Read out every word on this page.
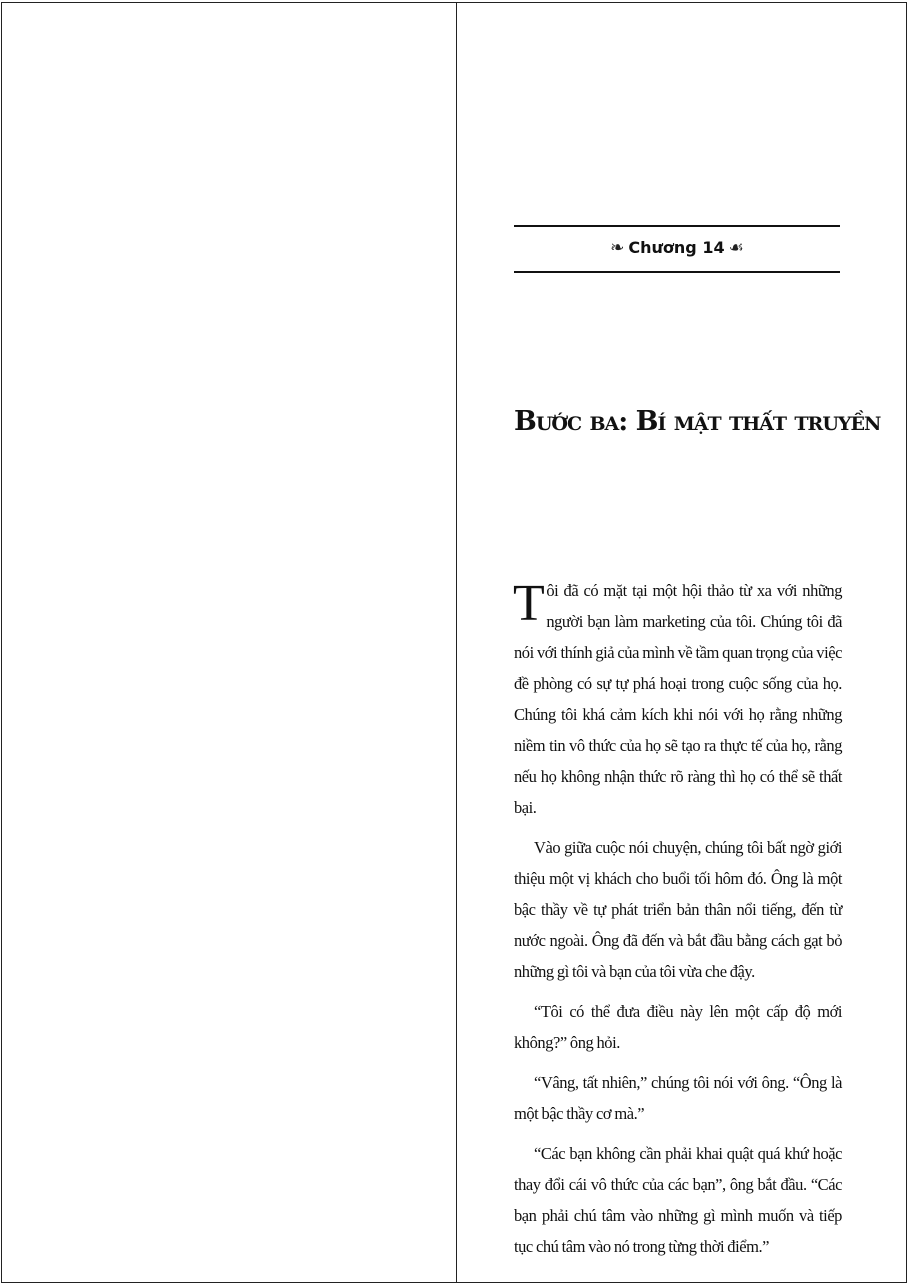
❧ Chương 14 ☙
Bước ba: Bí mật thất truyền

Tôi đã có mặt tại một hội thảo từ xa với những người bạn làm marketing của tôi. Chúng tôi đã nói với thính giả của mình về tầm quan trọng của việc đề phòng có sự tự phá hoại trong cuộc sống của họ. Chúng tôi khá cảm kích khi nói với họ rằng những niềm tin vô thức của họ sẽ tạo ra thực tế của họ, rằng nếu họ không nhận thức rõ ràng thì họ có thể sẽ thất bại.

Vào giữa cuộc nói chuyện, chúng tôi bất ngờ giới thiệu một vị khách cho buổi tối hôm đó. Ông là một bậc thầy về tự phát triển bản thân nổi tiếng, đến từ nước ngoài. Ông đã đến và bắt đầu bằng cách gạt bỏ những gì tôi và bạn của tôi vừa che đậy.

“Tôi có thể đưa điều này lên một cấp độ mới không?” ông hỏi.

“Vâng, tất nhiên,” chúng tôi nói với ông. “Ông là một bậc thầy cơ mà.”

“Các bạn không cần phải khai quật quá khứ hoặc thay đổi cái vô thức của các bạn”, ông bắt đầu. “Các bạn phải chú tâm vào những gì mình muốn và tiếp tục chú tâm vào nó trong từng thời điểm.”
